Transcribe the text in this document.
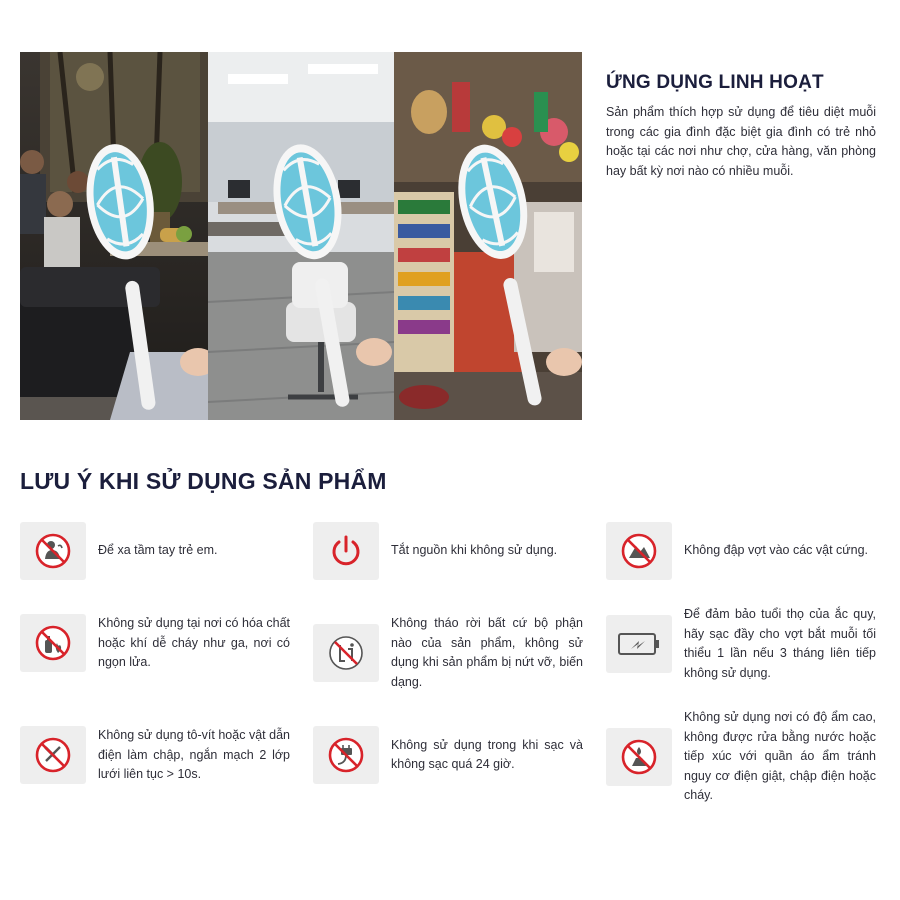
ỨNG DỤNG LINH HOẠT

Sản phẩm thích hợp sử dụng để tiêu diệt muỗi trong các gia đình đặc biệt gia đình có trẻ nhỏ hoặc tại các nơi như chợ, cửa hàng, văn phòng hay bất kỳ nơi nào có nhiều muỗi.

LƯU Ý KHI SỬ DỤNG SẢN PHẨM
Để xa tầm tay trẻ em.	Tắt nguồn khi không sử dụng.	Không đập vợt vào các vật cứng.
Không sử dụng tại nơi có hóa chất hoặc khí dễ cháy như ga, nơi có ngọn lửa.
Không tháo rời bất cứ bộ phận nào của sản phẩm, không sử dụng khi sản phẩm bị nứt vỡ, biến dạng.
Để đảm bảo tuổi thọ của ắc quy, hãy sạc đầy cho vợt bắt muỗi tối thiểu 1 lần nếu 3 tháng liên tiếp không sử dụng.
Không sử dụng tô-vít hoặc vật dẫn điện làm chập, ngắn mạch 2 lớp lưới liên tục > 10s.
Không sử dụng trong khi sạc và không sạc quá 24 giờ.
Không sử dụng nơi có độ ẩm cao, không được rửa bằng nước hoặc tiếp xúc với quần áo ẩm tránh nguy cơ điện giật, chập điện hoặc cháy.
